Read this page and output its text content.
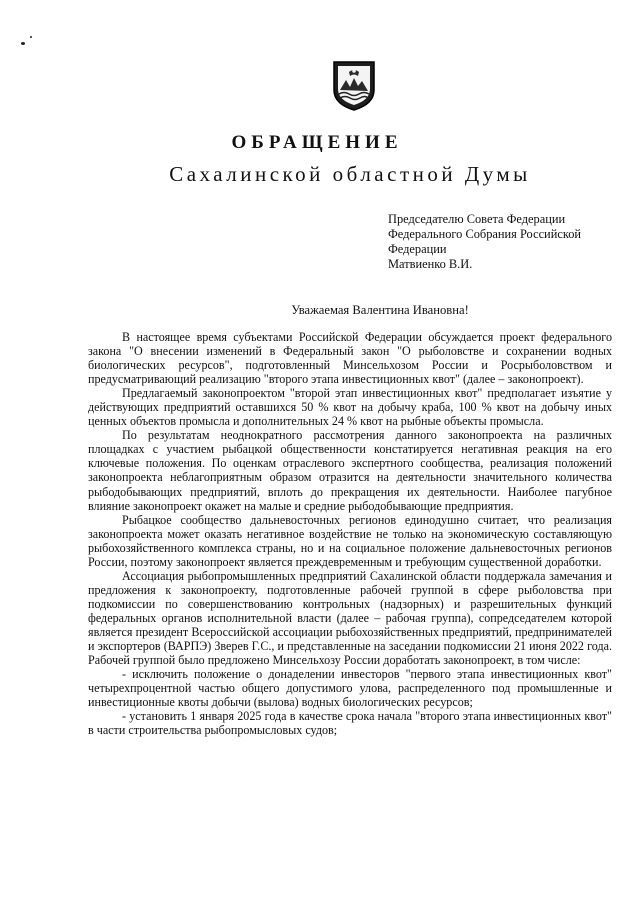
ОБРАЩЕНИЕ
Сахалинской областной Думы
Председателю Совета Федерации
Федерального Собрания Российской
Федерации
Матвиенко В.И.
Уважаемая Валентина Ивановна!

В настоящее время субъектами Российской Федерации обсуждается проект федерального закона "О внесении изменений в Федеральный закон "О рыболовстве и сохранении водных биологических ресурсов", подготовленный Минсельхозом России и Росрыболовством и предусматривающий реализацию "второго этапа инвестиционных квот" (далее – законопроект).

Предлагаемый законопроектом "второй этап инвестиционных квот" предполагает изъятие у действующих предприятий оставшихся 50 % квот на добычу краба, 100 % квот на добычу иных ценных объектов промысла и дополнительных 24 % квот на рыбные объекты промысла.

По результатам неоднократного рассмотрения данного законопроекта на различных площадках с участием рыбацкой общественности констатируется негативная реакция на его ключевые положения. По оценкам отраслевого экспертного сообщества, реализация положений законопроекта неблагоприятным образом отразится на деятельности значительного количества рыбодобывающих предприятий, вплоть до прекращения их деятельности. Наиболее пагубное влияние законопроект окажет на малые и средние рыбодобывающие предприятия.

Рыбацкое сообщество дальневосточных регионов единодушно считает, что реализация законопроекта может оказать негативное воздействие не только на экономическую составляющую рыбохозяйственного комплекса страны, но и на социальное положение дальневосточных регионов России, поэтому законопроект является преждевременным и требующим существенной доработки.

Ассоциация рыбопромышленных предприятий Сахалинской области поддержала замечания и предложения к законопроекту, подготовленные рабочей группой в сфере рыболовства при подкомиссии по совершенствованию контрольных (надзорных) и разрешительных функций федеральных органов исполнительной власти (далее – рабочая группа), сопредседателем которой является президент Всероссийской ассоциации рыбохозяйственных предприятий, предпринимателей и экспортеров (ВАРПЭ) Зверев Г.С., и представленные на заседании подкомиссии 21 июня 2022 года. Рабочей группой было предложено Минсельхозу России доработать законопроект, в том числе:

- исключить положение о донаделении инвесторов "первого этапа инвестиционных квот" четырехпроцентной частью общего допустимого улова, распределенного под промышленные и инвестиционные квоты добычи (вылова) водных биологических ресурсов;

- установить 1 января 2025 года в качестве срока начала "второго этапа инвестиционных квот" в части строительства рыбопромысловых судов;
